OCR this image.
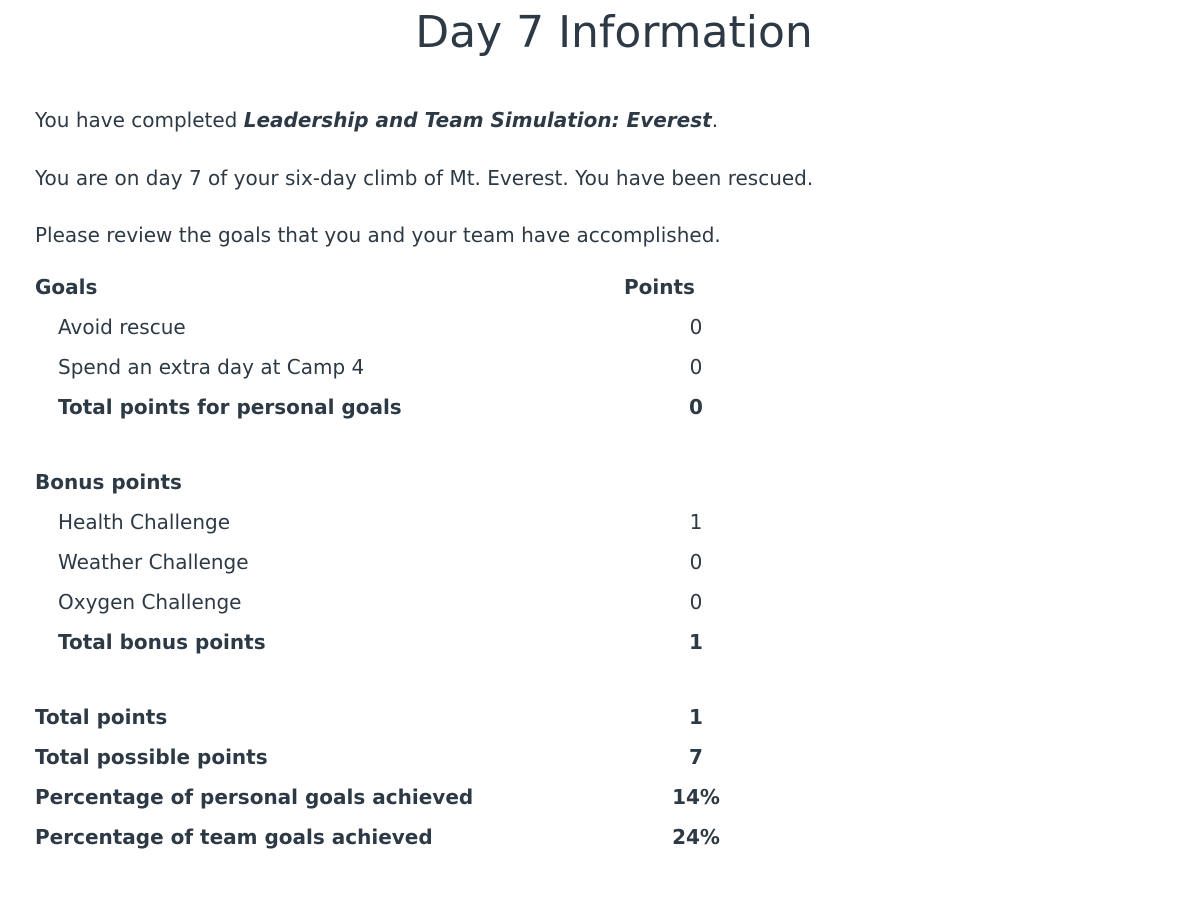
Day 7 Information

You have completed Leadership and Team Simulation: Everest.

You are on day 7 of your six-day climb of Mt. Everest. You have been rescued.

Please review the goals that you and your team have accomplished.

Goals	Points
Avoid rescue	0
Spend an extra day at Camp 4	0
Total points for personal goals	0
Bonus points
Health Challenge	1
Weather Challenge	0
Oxygen Challenge	0
Total bonus points	1
Total points	1
Total possible points	7
Percentage of personal goals achieved	14%
Percentage of team goals achieved	24%
